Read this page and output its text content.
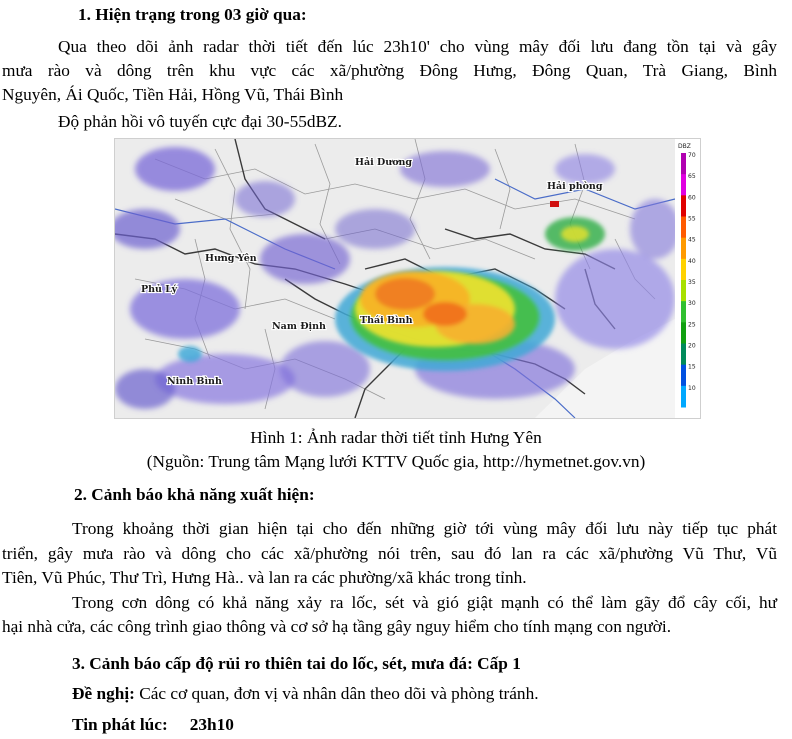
1. Hiện trạng trong 03 giờ qua:
Qua theo dõi ảnh radar thời tiết đến lúc 23h10' cho vùng mây đối lưu đang tồn tại và gây
mưa rào và dông trên khu vực các xã/phường Đông Hưng, Đông Quan, Trà Giang, Bình
Nguyên, Ái Quốc, Tiền Hải, Hồng Vũ, Thái Bình
Độ phản hồi vô tuyến cực đại 30-55dBZ.
Hải Dương
Hải phòng
Hưng Yên
Phủ Lý
Nam Định
Thái Bình
Ninh Bình
DBZ
70
65
60
55
45
40
35
30
25
20
15
10
Hình 1: Ảnh radar thời tiết tỉnh Hưng Yên
(Nguồn: Trung tâm Mạng lưới KTTV Quốc gia, http://hymetnet.gov.vn)
2. Cảnh báo khả năng xuất hiện:
Trong khoảng thời gian hiện tại cho đến những giờ tới vùng mây đối lưu này tiếp tục phát
triển, gây mưa rào và dông cho các xã/phường nói trên, sau đó lan ra các xã/phường Vũ Thư, Vũ
Tiên, Vũ Phúc, Thư Trì, Hưng Hà.. và lan ra các phường/xã khác trong tỉnh.
Trong cơn dông có khả năng xảy ra lốc, sét và gió giật mạnh có thể làm gãy đổ cây cối, hư
hại nhà cửa, các công trình giao thông và cơ sở hạ tầng gây nguy hiểm cho tính mạng con người.
3. Cảnh báo cấp độ rủi ro thiên tai do lốc, sét, mưa đá: Cấp 1
Đề nghị: Các cơ quan, đơn vị và nhân dân theo dõi và phòng tránh.
Tin phát lúc: 23h10
